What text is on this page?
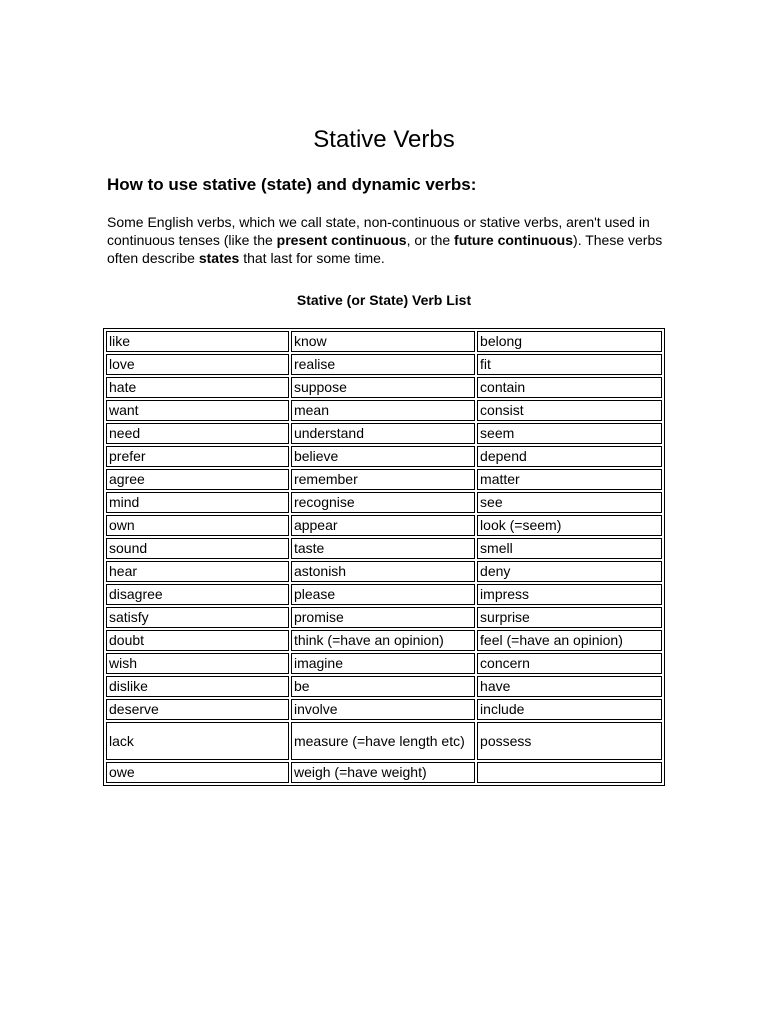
Stative Verbs
How to use stative (state) and dynamic verbs:

Some English verbs, which we call state, non-continuous or stative verbs, aren't used in continuous tenses (like the present continuous, or the future continuous). These verbs often describe states that last for some time.

Stative (or State) Verb List
like	know	belong
love	realise	fit
hate	suppose	contain
want	mean	consist
need	understand	seem
prefer	believe	depend
agree	remember	matter
mind	recognise	see
own	appear	look (=seem)
sound	taste	smell
hear	astonish	deny
disagree	please	impress
satisfy	promise	surprise
doubt	think (=have an opinion)	feel (=have an opinion)
wish	imagine	concern
dislike	be	have
deserve	involve	include
lack	measure (=have length etc)	possess
owe	weigh (=have weight)	
